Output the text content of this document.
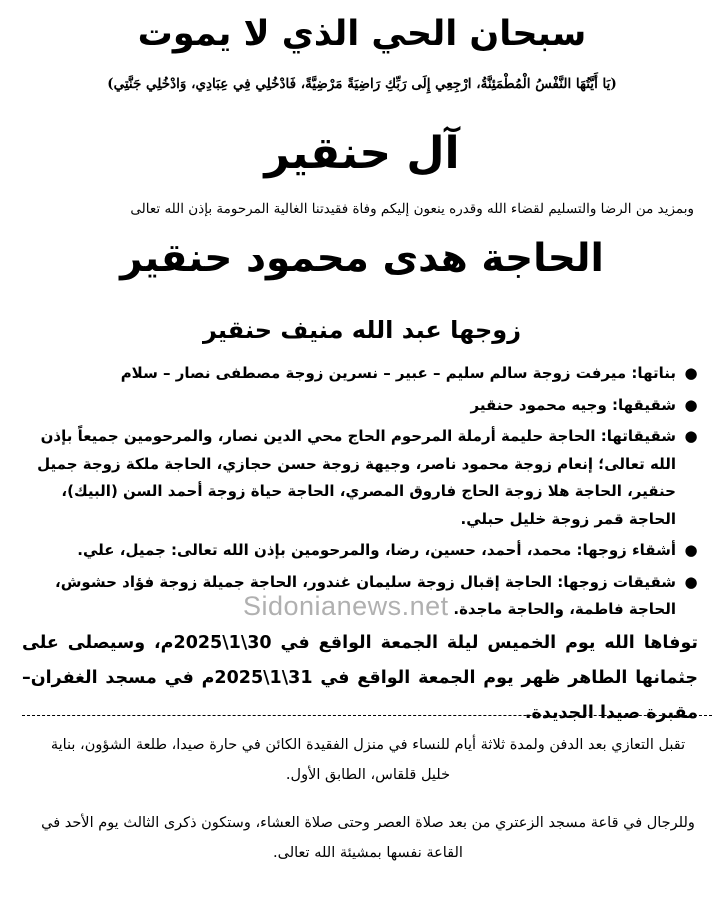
سبحان الحي الذي لا يموت
(يَا أَيَّتُهَا النَّفْسُ الْمُطْمَئِنَّةُ، ارْجِعِي إِلَى رَبِّكِ رَاضِيَةً مَرْضِيَّةً، فَادْخُلِي فِي عِبَادِي، وَادْخُلِي جَنَّتِي)
آل حنقير
وبمزيد من الرضا والتسليم لقضاء الله وقدره ينعون إليكم وفاة فقيدتنا الغالية المرحومة بإذن الله تعالى
الحاجة هدى محمود حنقير
زوجها عبد الله منيف حنقير
●
بناتها: ميرفت زوجة سالم سليم – عبير – نسرين زوجة مصطفى نصار – سلام
●
شقيقها: وجيه محمود حنقير
●
شقيقاتها: الحاجة حليمة أرملة المرحوم الحاج محي الدين نصار، والمرحومين جميعاً بإذن الله تعالى؛ إنعام زوجة محمود ناصر، وجيهة زوجة حسن حجازي، الحاجة ملكة زوجة جميل حنقير، الحاجة هلا زوجة الحاج فاروق المصري، الحاجة حياة زوجة أحمد السن (البيك)، الحاجة قمر زوجة خليل حبلي.
●
أشقاء زوجها: محمد، أحمد، حسين، رضا، والمرحومين بإذن الله تعالى: جميل، علي.
●
شقيقات زوجها: الحاجة إقبال زوجة سليمان غندور، الحاجة جميلة زوجة فؤاد حشوش، الحاجة فاطمة، والحاجة ماجدة.
Sidonianews.net
توفاها الله يوم الخميس ليلة الجمعة الواقع في 30\1\2025م، وسيصلى على جثمانها الطاهر ظهر يوم الجمعة الواقع في 31\1\2025م في مسجد الغفران– مقبرة صيدا الجديدة.
تقبل التعازي بعد الدفن ولمدة ثلاثة أيام للنساء في منزل الفقيدة الكائن في حارة صيدا، طلعة الشؤون، بناية خليل قلقاس، الطابق الأول.
وللرجال في قاعة مسجد الزعتري من بعد صلاة العصر وحتى صلاة العشاء، وستكون ذكرى الثالث يوم الأحد في القاعة نفسها بمشيئة الله تعالى.
